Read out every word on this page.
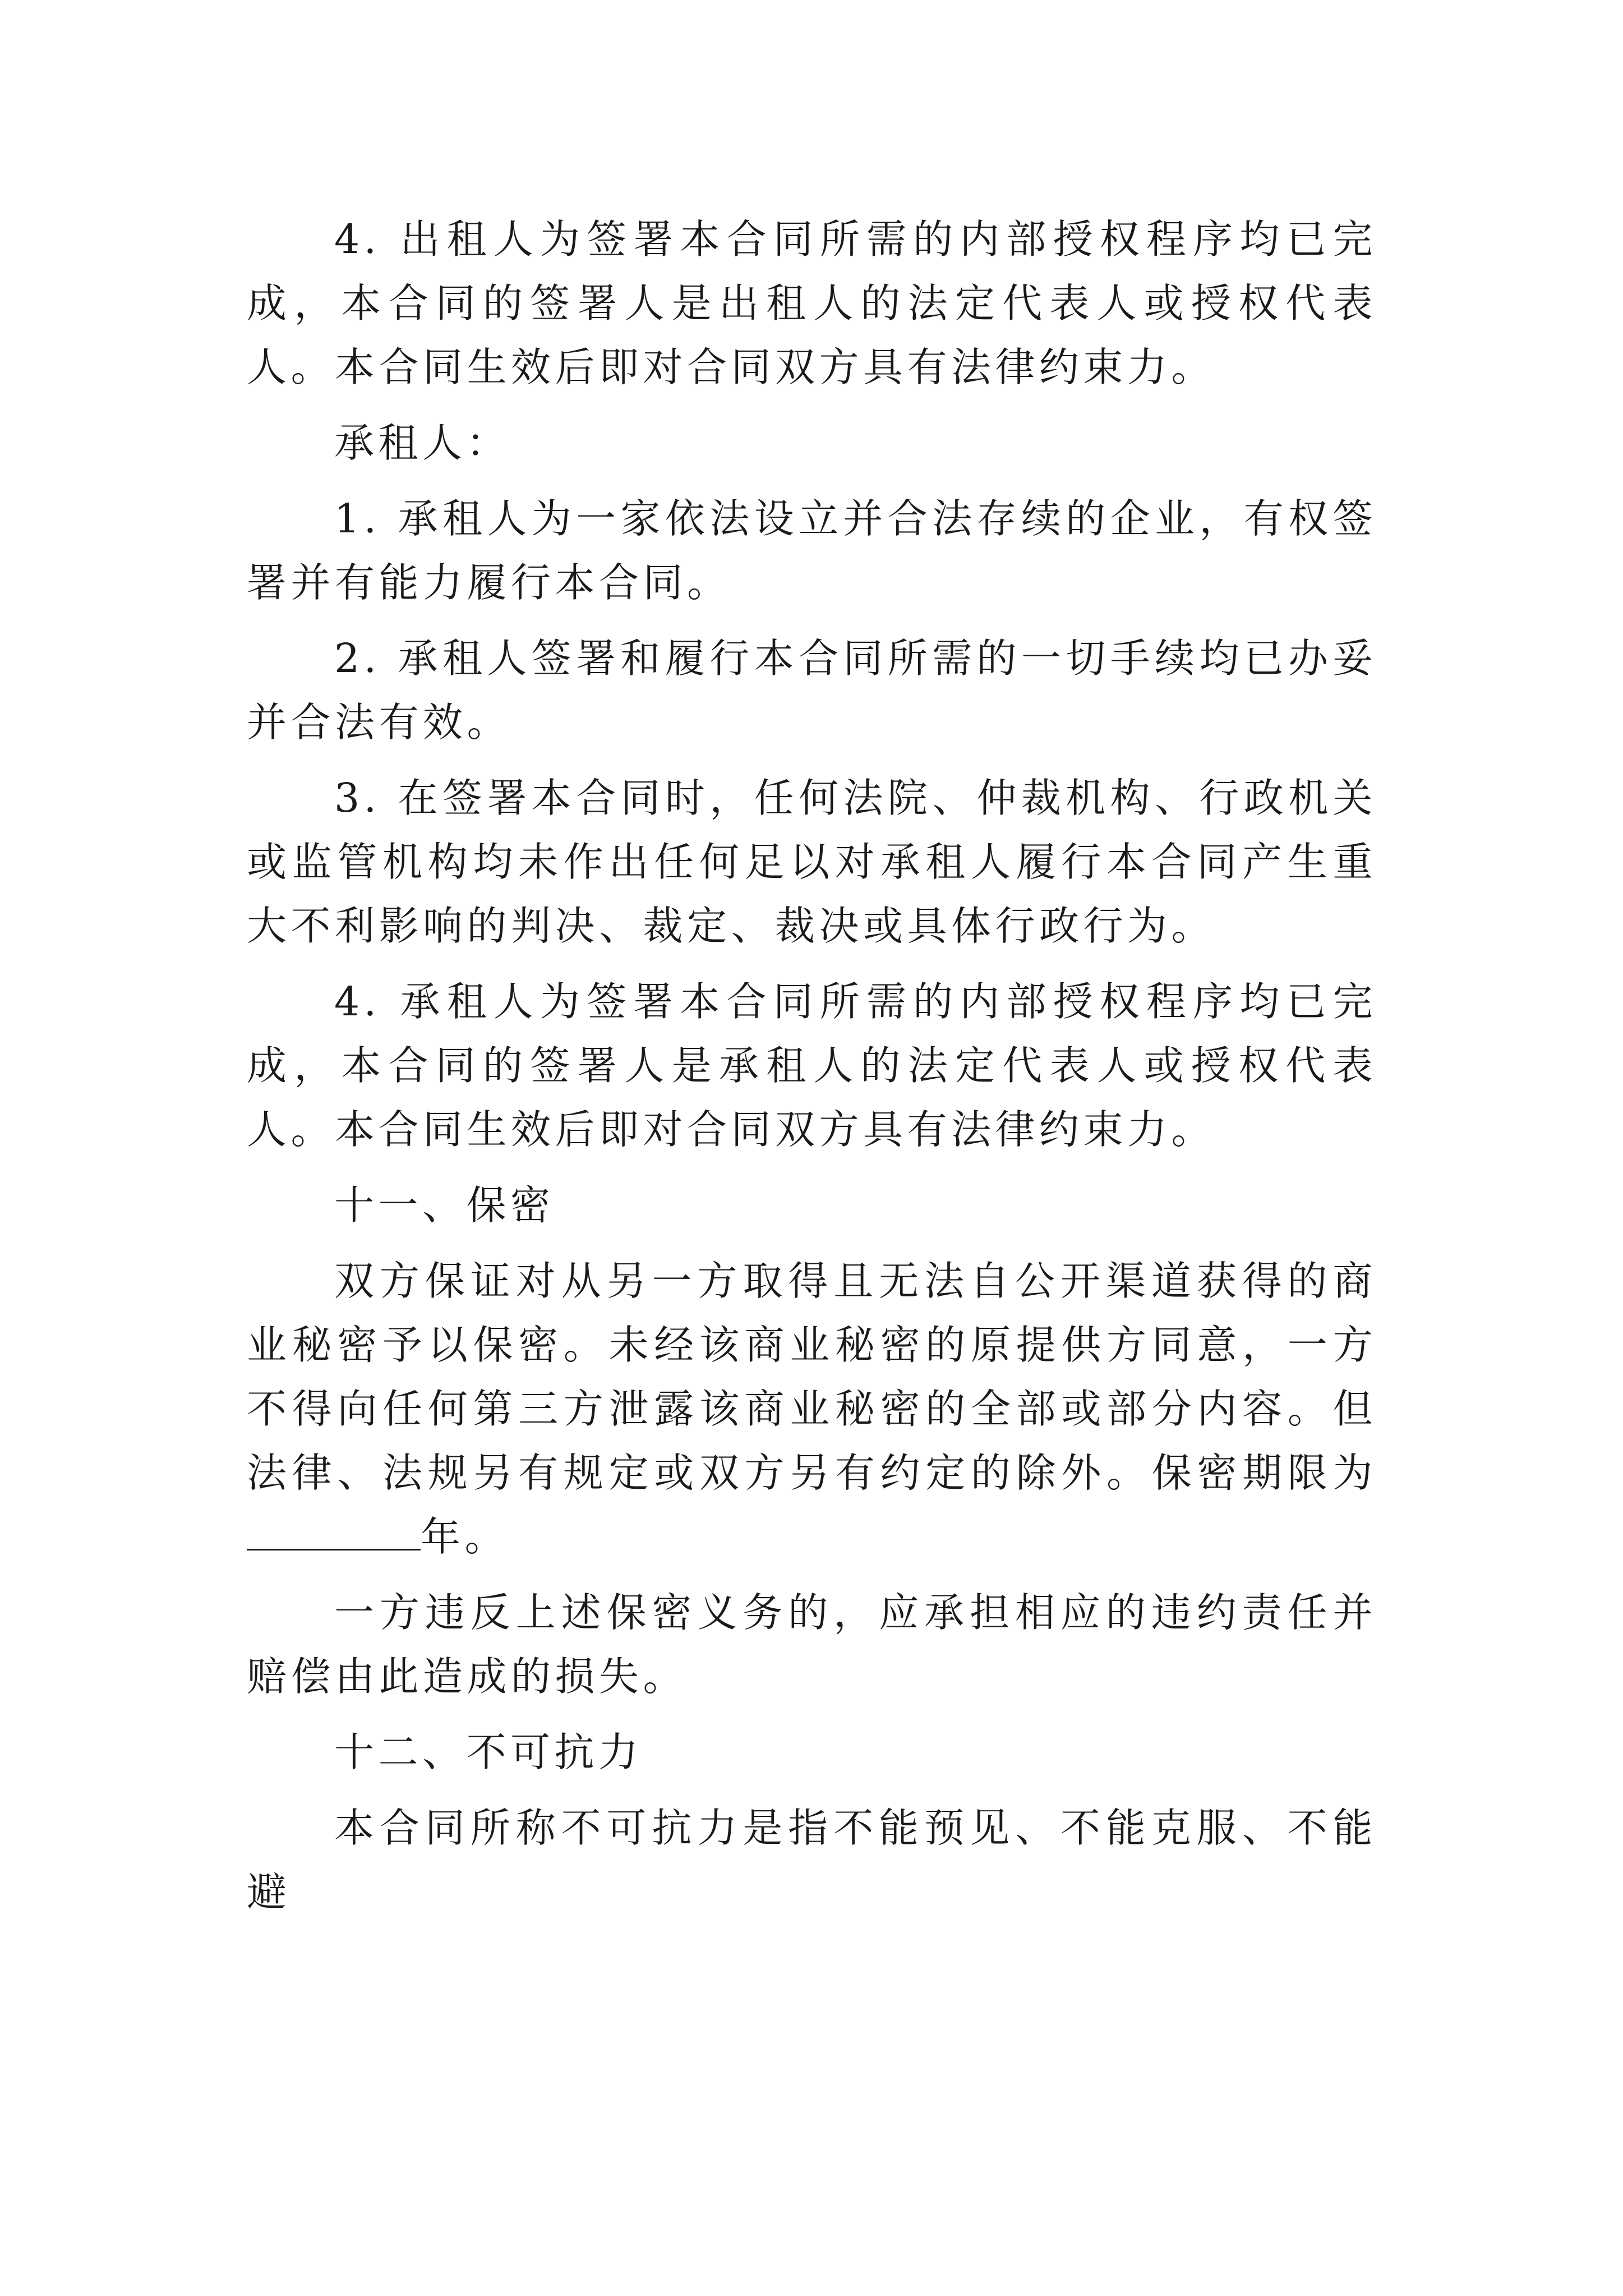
4. 出租人为签署本合同所需的内部授权程序均已完成，本合同的签署人是出租人的法定代表人或授权代表人。本合同生效后即对合同双方具有法律约束力。

承租人：

1. 承租人为一家依法设立并合法存续的企业，有权签署并有能力履行本合同。

2. 承租人签署和履行本合同所需的一切手续均已办妥并合法有效。

3. 在签署本合同时，任何法院、仲裁机构、行政机关或监管机构均未作出任何足以对承租人履行本合同产生重大不利影响的判决、裁定、裁决或具体行政行为。

4. 承租人为签署本合同所需的内部授权程序均已完成，本合同的签署人是承租人的法定代表人或授权代表人。本合同生效后即对合同双方具有法律约束力。

十一、保密

双方保证对从另一方取得且无法自公开渠道获得的商业秘密予以保密。未经该商业秘密的原提供方同意，一方不得向任何第三方泄露该商业秘密的全部或部分内容。但法律、法规另有规定或双方另有约定的除外。保密期限为年。

一方违反上述保密义务的，应承担相应的违约责任并赔偿由此造成的损失。

十二、不可抗力

本合同所称不可抗力是指不能预见、不能克服、不能避
